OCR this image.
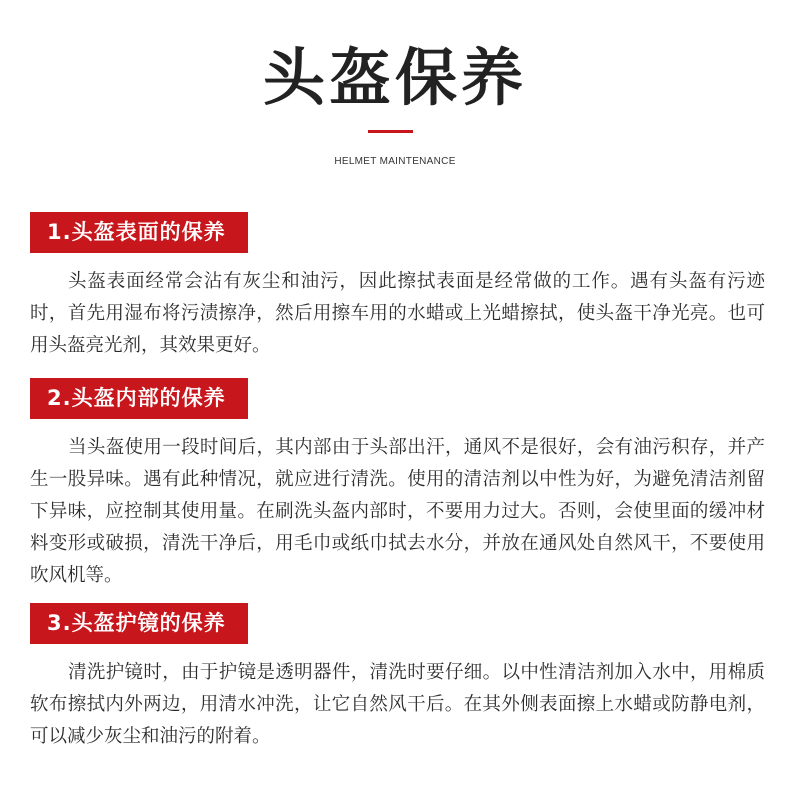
头盔保养
HELMET MAINTENANCE
1.头盔表面的保养
头盔表面经常会沾有灰尘和油污，因此擦拭表面是经常做的工作。遇有头盔有污迹时，首先用湿布将污渍擦净，然后用擦车用的水蜡或上光蜡擦拭，使头盔干净光亮。也可用头盔亮光剂，其效果更好。
2.头盔内部的保养
当头盔使用一段时间后，其内部由于头部出汗，通风不是很好，会有油污积存，并产生一股异味。遇有此种情况，就应进行清洗。使用的清洁剂以中性为好，为避免清洁剂留下异味，应控制其使用量。在刷洗头盔内部时，不要用力过大。否则，会使里面的缓冲材料变形或破损，清洗干净后，用毛巾或纸巾拭去水分，并放在通风处自然风干，不要使用吹风机等。
3.头盔护镜的保养
清洗护镜时，由于护镜是透明器件，清洗时要仔细。以中性清洁剂加入水中，用棉质软布擦拭内外两边，用清水冲洗，让它自然风干后。在其外侧表面擦上水蜡或防静电剂，可以减少灰尘和油污的附着。
